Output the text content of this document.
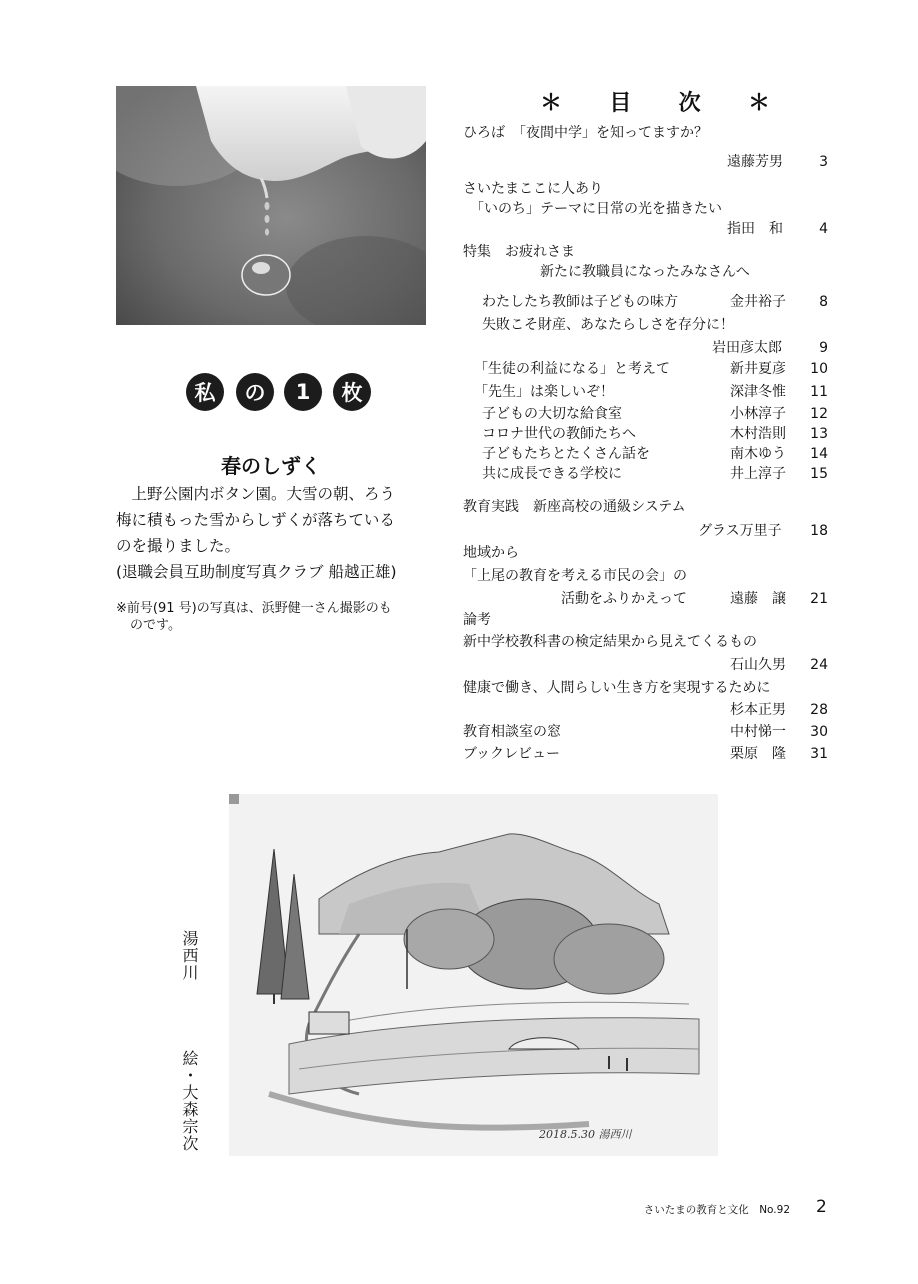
私	の	1	枚
春のしずく
　上野公園内ボタン園。大雪の朝、ろう
梅に積もった雪からしずくが落ちている
のを撮りました。
(退職会員互助制度写真クラブ 船越正雄)
※前号(91 号)の写真は、浜野健一さん撮影のも
のです。
＊ 目 次 ＊
ひろば　「夜間中学」を知ってますか？
遠藤芳男	3
さいたまここに人あり
「いのち」テーマに日常の光を描きたい
指田　和	4
特集　お疲れさま
新たに教職員になったみなさんへ
わたしたち教師は子どもの味方	金井裕子	8
失敗こそ財産、あなたらしさを存分に！
岩田彦太郎	9
「生徒の利益になる」と考えて	新井夏彦	10
「先生」は楽しいぞ！	深津冬惟	11
子どもの大切な給食室	小林淳子	12
コロナ世代の教師たちへ	木村浩則	13
子どもたちとたくさん話を	南木ゆう	14
共に成長できる学校に	井上淳子	15
教育実践　新座高校の通級システム
グラス万里子	18
地域から
「上尾の教育を考える市民の会」の
活動をふりかえって	遠藤　譲	21
論考
新中学校教科書の検定結果から見えてくるもの
石山久男	24
健康で働き、人間らしい生き方を実現するために
杉本正男	28
教育相談室の窓	中村悌一	30
ブックレビュー	栗原　隆	31
湯西川
絵・大森宗次	2018.5.30 湯西川
さいたまの教育と文化　No.92 2
